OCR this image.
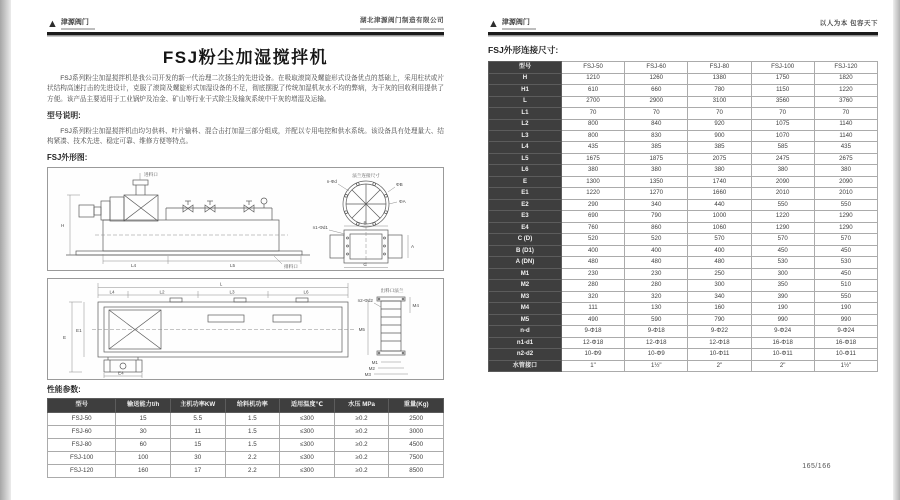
▲ 津源阀门	湖北津源阀门制造有限公司
FSJ粉尘加湿搅拌机

FSJ系列粉尘加湿搅拌机是我公司开发的新一代治理二次扬尘的先进设备。在吸取滚筒及螺旋形式设备优点的基础上，采用柱状或片状结构高速打击的先进设计，克服了滚筒及螺旋形式加湿设备的不足，彻底摆脱了传统加湿机灰水不均的弊病，为干灰的回收利用提供了方便。该产品主要适用于工业锅炉及冶金、矿山等行业干式除尘及输灰系统中干灰的增湿及运输。

型号说明:

FSJ系列粉尘加湿搅拌机由均匀供料、叶片输料、混合击打加湿三部分组成，并配以专用电控和供水系统。该设备具有处理量大、结构紧凑、技术先进、稳定可靠、维修方便等特点。

FSJ外形图:
进料口
排料口
H
L4	L5
法兰连接尺寸
n-Φd
ΦB
ΦA
n1-Φd1
B
A
C
L
L4	L2	L3	L6
E
E1
E4
出料口法兰
n2-Φd2
M5
M4
M1
M2
M3
性能参数:
型号	输送能力t/h	主机功率KW	给料机功率	适用温度℃	水压 MPa	重量(Kg)
FSJ-50	15	5.5	1.5	≤300	≥0.2	2500
FSJ-60	30	11	1.5	≤300	≥0.2	3000
FSJ-80	60	15	1.5	≤300	≥0.2	4500
FSJ-100	100	30	2.2	≤300	≥0.2	7500
FSJ-120	160	17	2.2	≤300	≥0.2	8500
▲ 津源阀门	以人为本 包容天下
FSJ外形连接尺寸:
型号	FSJ-50	FSJ-60	FSJ-80	FSJ-100	FSJ-120
H	1210	1260	1380	1750	1820
H1	610	660	780	1150	1220
L	2700	2900	3100	3560	3760
L1	70	70	70	70	70
L2	800	840	920	1075	1140
L3	800	830	900	1070	1140
L4	435	385	385	585	435
L5	1675	1875	2075	2475	2675
L6	380	380	380	380	380
E	1300	1350	1740	2090	2090
E1	1220	1270	1660	2010	2010
E2	290	340	440	550	550
E3	690	790	1000	1220	1290
E4	760	860	1060	1290	1290
C (D)	520	520	570	570	570
B (D1)	400	400	400	450	450
A (DN)	480	480	480	530	530
M1	230	230	250	300	450
M2	280	280	300	350	510
M3	320	320	340	390	550
M4	111	130	160	190	190
M5	490	590	790	990	990
n-d	9-Φ18	9-Φ18	9-Φ22	9-Φ24	9-Φ24
n1-d1	12-Φ18	12-Φ18	12-Φ18	16-Φ18	16-Φ18
n2-d2	10-Φ9	10-Φ9	10-Φ11	10-Φ11	10-Φ11
水管接口	1"	1½"	2"	2"	1½"
165/166
